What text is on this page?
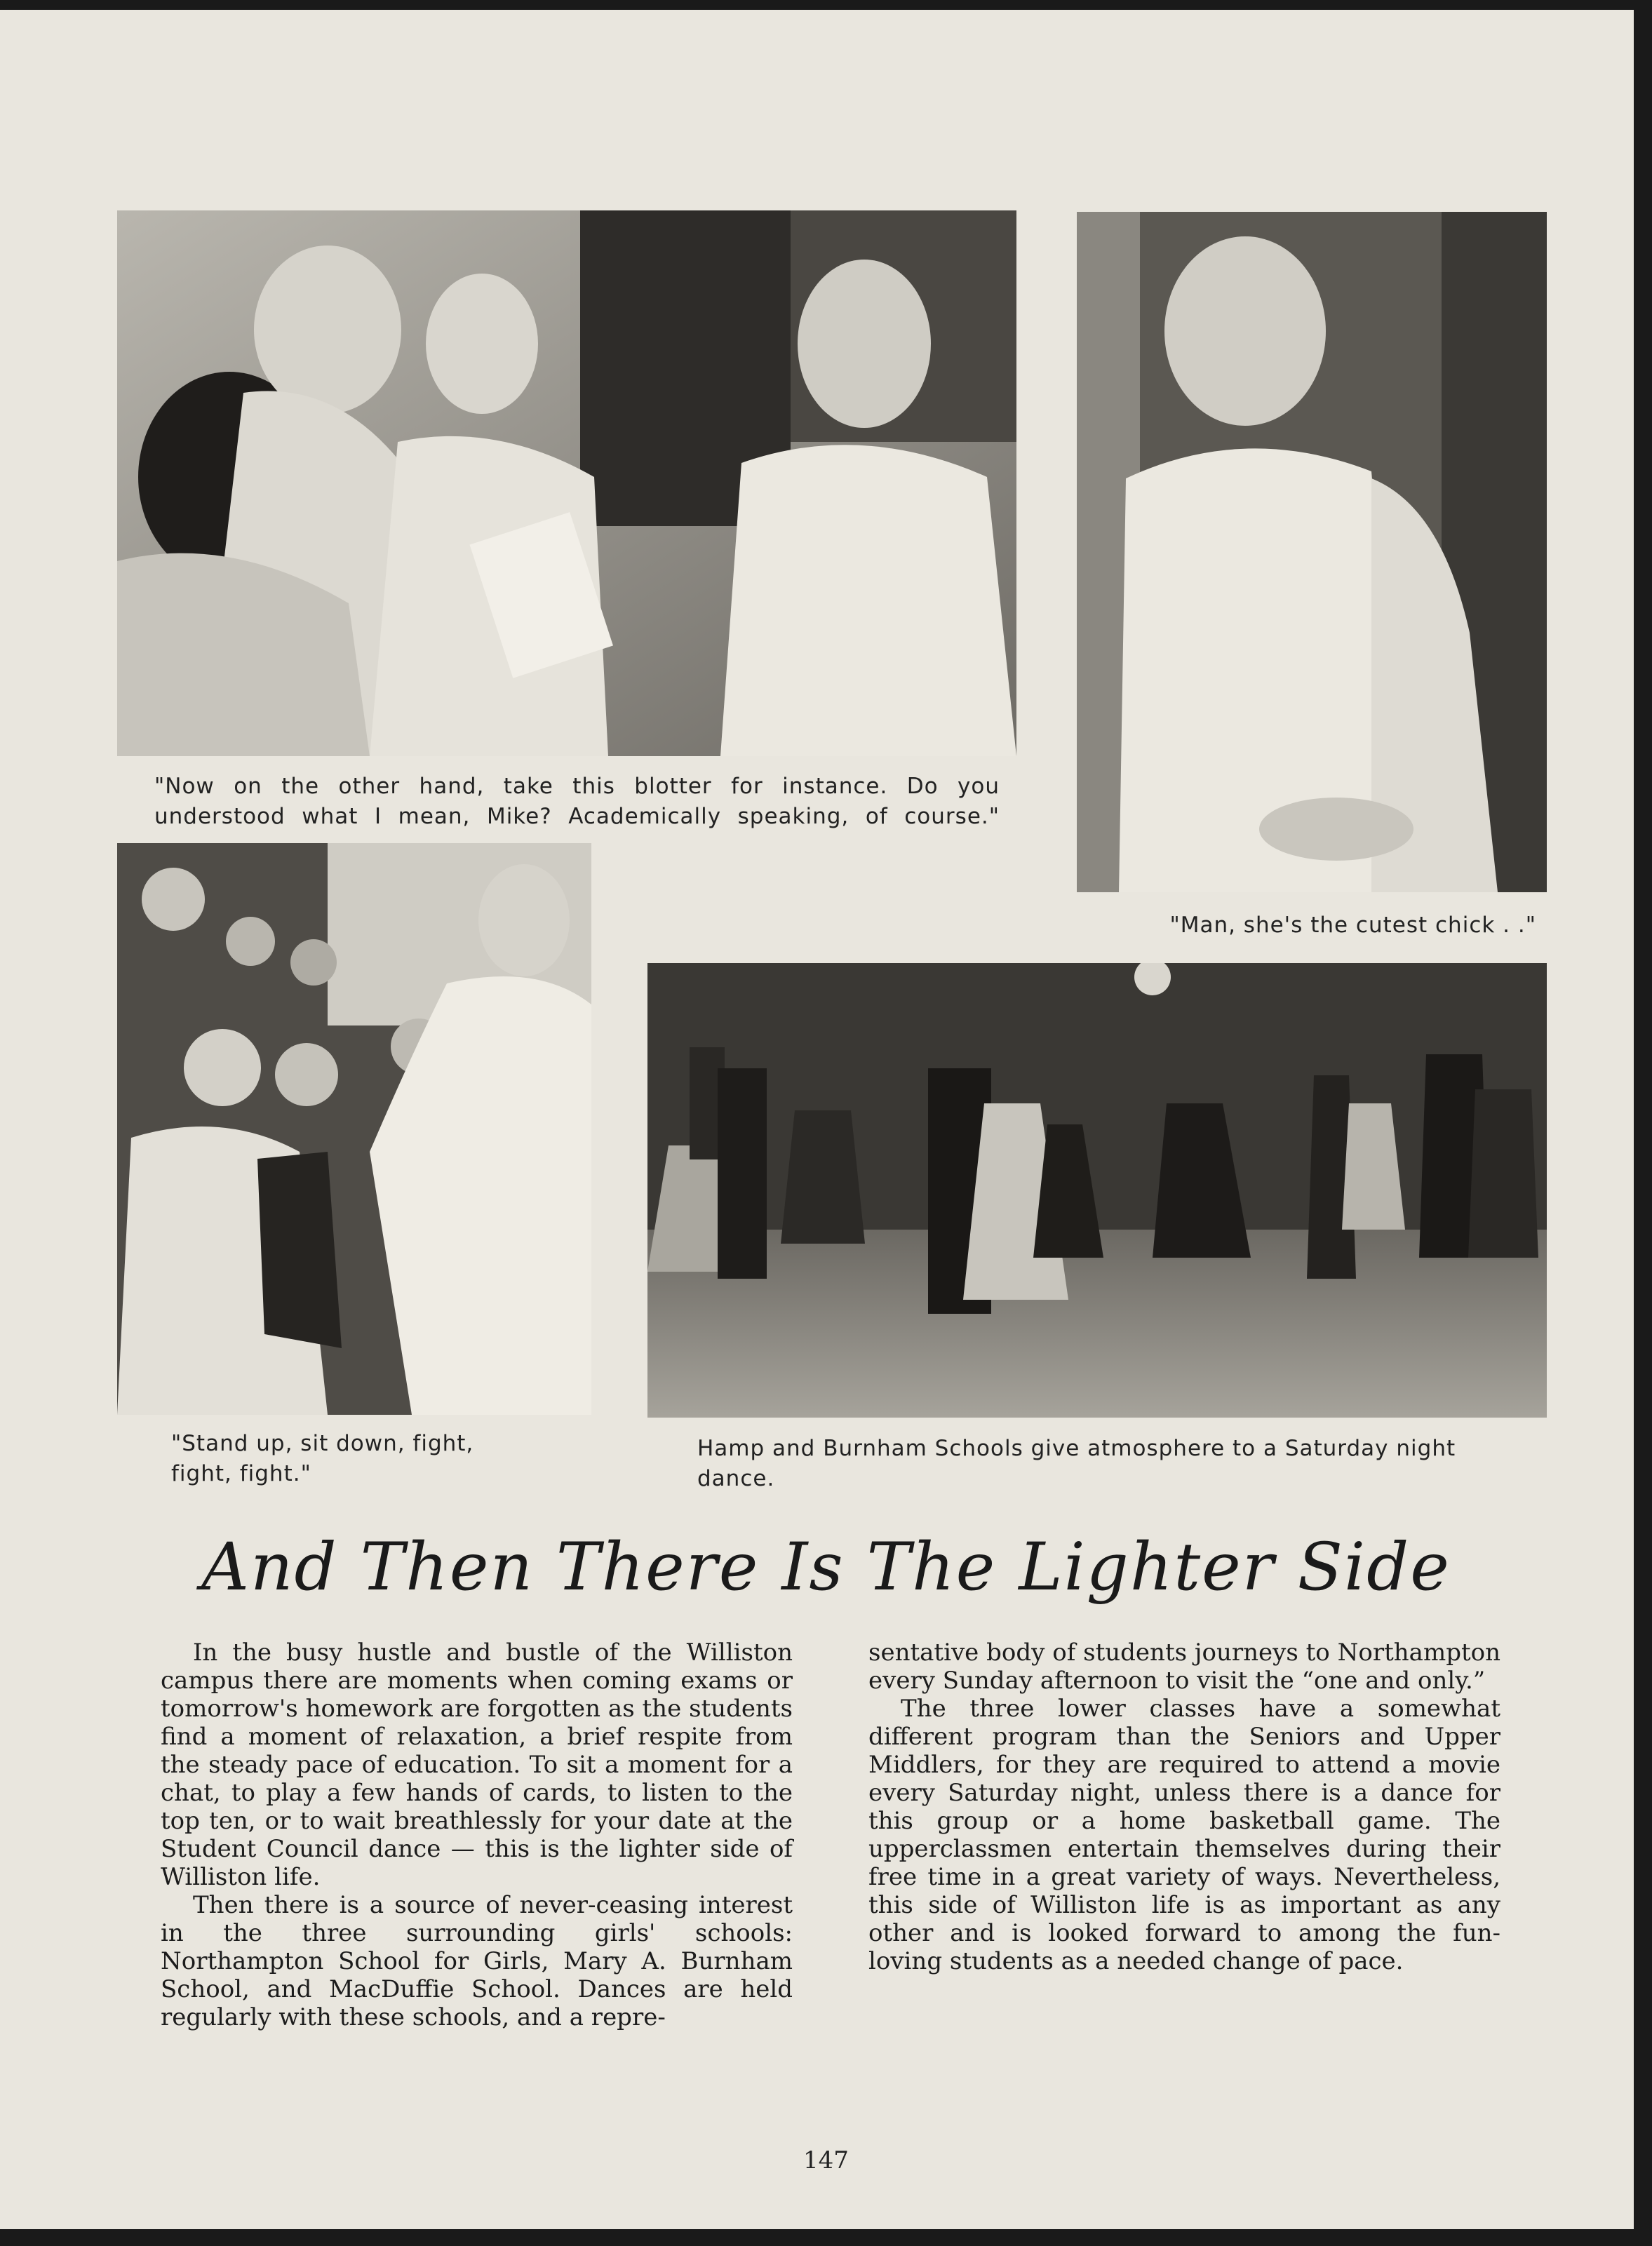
"Now on the other hand, take this blotter for instance. Do you understood what I mean, Mike? Academically speaking, of course."
"Man, she's the cutest chick . ."
"Stand up, sit down, fight, fight, fight."
Hamp and Burnham Schools give atmosphere to a Saturday night dance.
And Then There Is The Lighter Side

In the busy hustle and bustle of the Williston campus there are moments when coming exams or tomorrow's homework are forgotten as the students find a moment of relaxation, a brief respite from the steady pace of education. To sit a moment for a chat, to play a few hands of cards, to listen to the top ten, or to wait breathlessly for your date at the Student Council dance — this is the lighter side of Williston life.

Then there is a source of never-ceasing interest in the three surrounding girls' schools: Northampton School for Girls, Mary A. Burnham School, and MacDuffie School. Dances are held regularly with these schools, and a repre-

sentative body of students journeys to Northampton every Sunday afternoon to visit the “one and only.”

The three lower classes have a somewhat different program than the Seniors and Upper Middlers, for they are required to attend a movie every Saturday night, unless there is a dance for this group or a home basketball game. The upperclassmen entertain themselves during their free time in a great variety of ways. Nevertheless, this side of Williston life is as important as any other and is looked forward to among the fun-loving students as a needed change of pace.

147
